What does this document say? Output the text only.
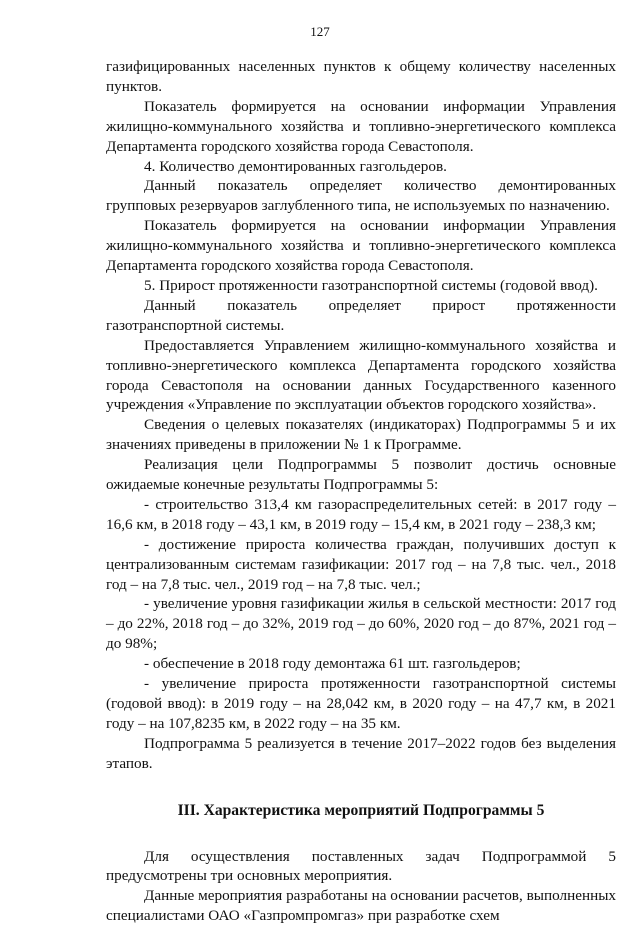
127

газифицированных населенных пунктов к общему количеству населенных пунктов.

Показатель формируется на основании информации Управления жилищно-коммунального хозяйства и топливно-энергетического комплекса Департамента городского хозяйства города Севастополя.

4. Количество демонтированных газгольдеров.

Данный показатель определяет количество демонтированных групповых резервуаров заглубленного типа, не используемых по назначению.

Показатель формируется на основании информации Управления жилищно-коммунального хозяйства и топливно-энергетического комплекса Департамента городского хозяйства города Севастополя.

5. Прирост протяженности газотранспортной системы (годовой ввод).

Данный показатель определяет прирост протяженности газотранспортной системы.

Предоставляется Управлением жилищно-коммунального хозяйства и топливно-энергетического комплекса Департамента городского хозяйства города Севастополя на основании данных Государственного казенного учреждения «Управление по эксплуатации объектов городского хозяйства».

Сведения о целевых показателях (индикаторах) Подпрограммы 5 и их значениях приведены в приложении № 1 к Программе.

Реализация цели Подпрограммы 5 позволит достичь основные ожидаемые конечные результаты Подпрограммы 5:

- строительство 313,4 км газораспределительных сетей: в 2017 году – 16,6 км, в 2018 году – 43,1 км, в 2019 году – 15,4 км, в 2021 году – 238,3 км;

- достижение прироста количества граждан, получивших доступ к централизованным системам газификации: 2017 год – на 7,8 тыс. чел., 2018 год – на 7,8 тыс. чел., 2019 год – на 7,8 тыс. чел.;

- увеличение уровня газификации жилья в сельской местности: 2017 год – до 22%, 2018 год – до 32%, 2019 год – до 60%, 2020 год – до 87%, 2021 год – до 98%;

- обеспечение в 2018 году демонтажа 61 шт. газгольдеров;

- увеличение прироста протяженности газотранспортной системы (годовой ввод): в 2019 году – на 28,042 км, в 2020 году – на 47,7 км, в 2021 году – на 107,8235 км, в 2022 году – на 35 км.

Подпрограмма 5 реализуется в течение 2017–2022 годов без выделения этапов.

III. Характеристика мероприятий Подпрограммы 5

Для осуществления поставленных задач Подпрограммой 5 предусмотрены три основных мероприятия.

Данные мероприятия разработаны на основании расчетов, выполненных специалистами ОАО «Газпромпромгаз» при разработке схем
